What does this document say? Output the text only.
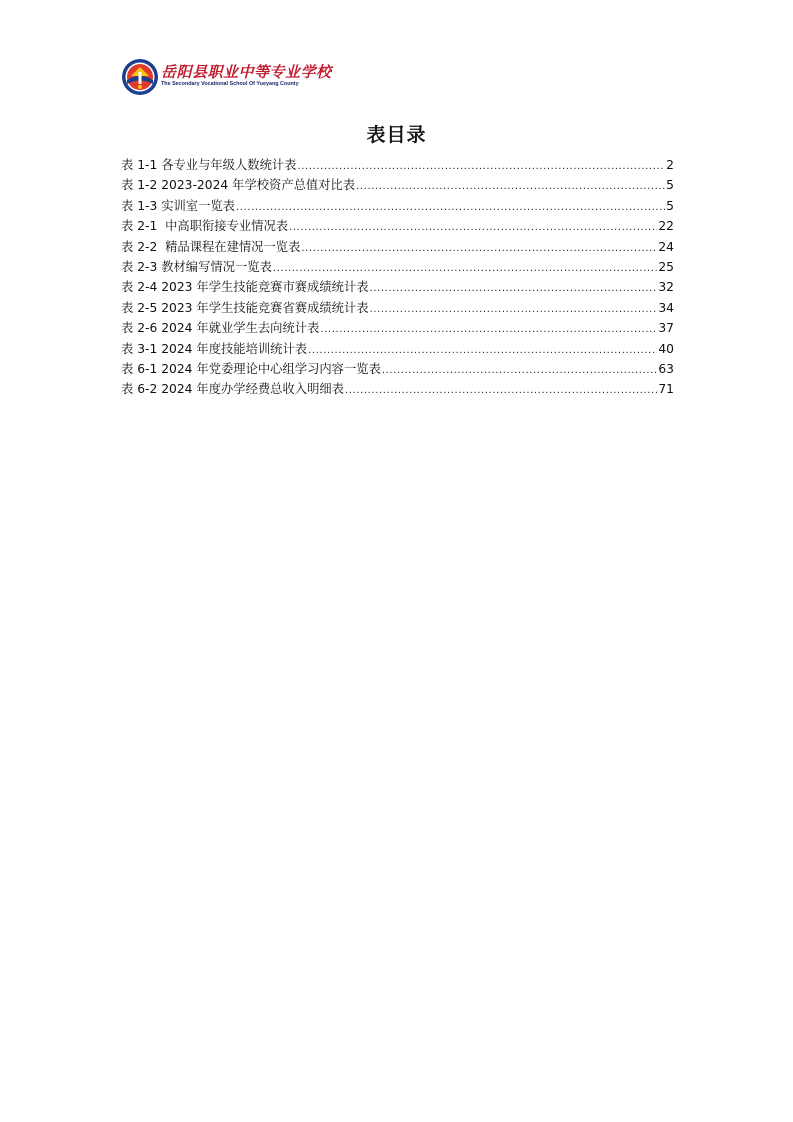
岳阳县职业中等专业学校
The Secondary Vocational School Of Yueyang County
表目录
表 1-1 各专业与年级人数统计表 .....	2
表 1-2 2023-2024 年学校资产总值对比表 .....	5
表 1-3 实训室一览表 .....	5
表 2-1  中高职衔接专业情况表 .....	22
表 2-2  精品课程在建情况一览表 .....	24
表 2-3 教材编写情况一览表 .....	25
表 2-4 2023 年学生技能竞赛市赛成绩统计表 .....	32
表 2-5 2023 年学生技能竞赛省赛成绩统计表 .....	34
表 2-6 2024 年就业学生去向统计表 .....	37
表 3-1 2024 年度技能培训统计表 .....	40
表 6-1 2024 年党委理论中心组学习内容一览表 .....	63
表 6-2 2024 年度办学经费总收入明细表 .....	71
